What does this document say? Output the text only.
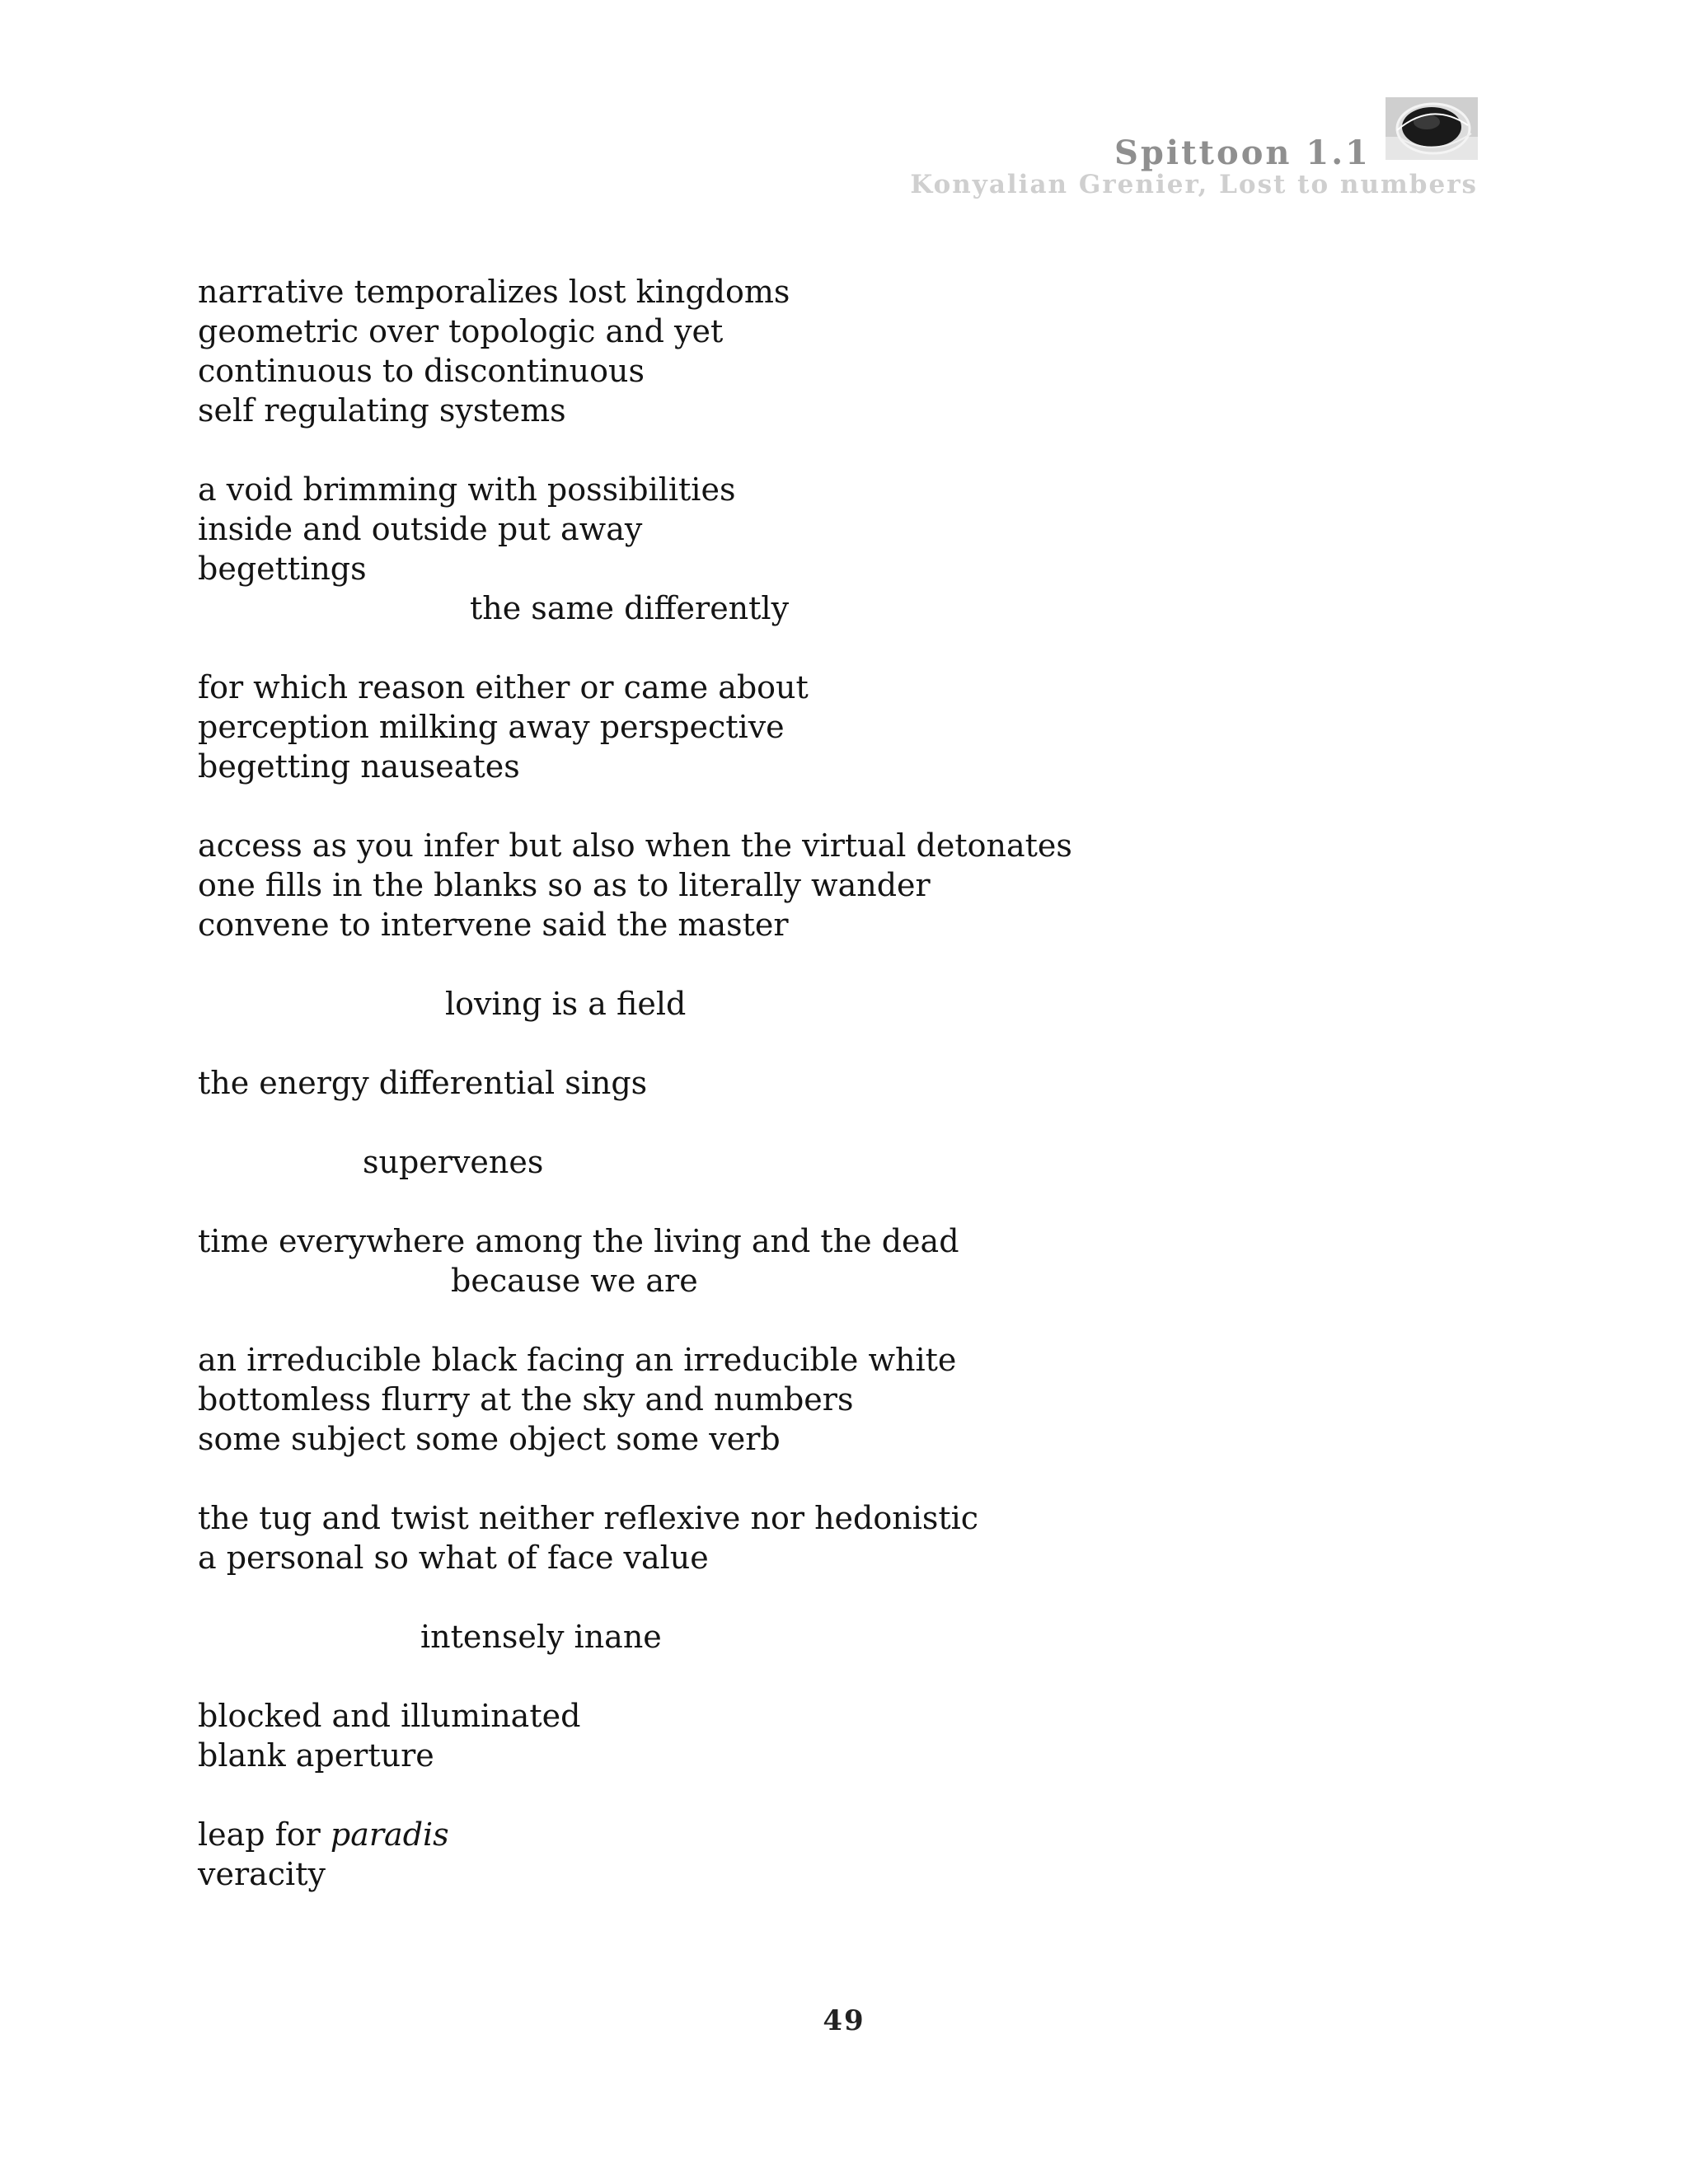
Spittoon 1.1
Konyalian Grenier, Lost to numbers
narrative temporalizes lost kingdoms
geometric over topologic and yet
continuous to discontinuous
self regulating systems
a void brimming with possibilities
inside and outside put away
begettings
the same differently
for which reason either or came about
perception milking away perspective
begetting nauseates
access as you infer but also when the virtual detonates
one fills in the blanks so as to literally wander
convene to intervene said the master
loving is a field
the energy differential sings
supervenes
time everywhere among the living and the dead
because we are
an irreducible black facing an irreducible white
bottomless flurry at the sky and numbers
some subject some object some verb
the tug and twist neither reflexive nor hedonistic
a personal so what of face value
intensely inane
blocked and illuminated
blank aperture
leap for paradis
veracity
49
